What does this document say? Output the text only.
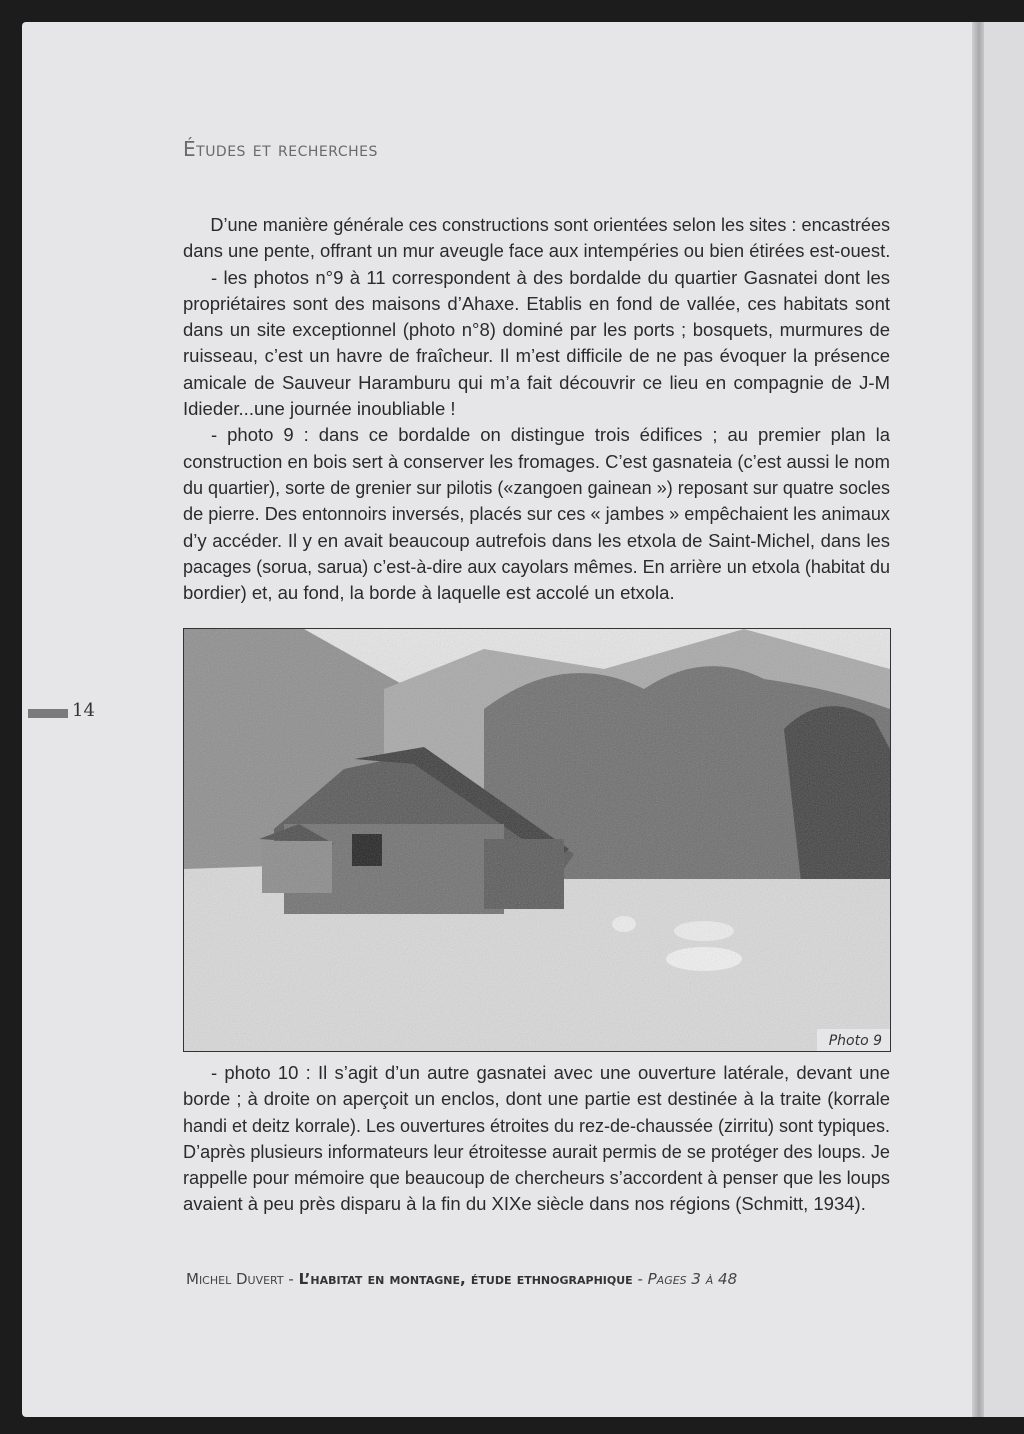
Études et recherches
D’une manière générale ces constructions sont orientées selon les sites : encastrées
dans une pente, offrant un mur aveugle face aux intempéries ou bien étirées est-ouest.
- les photos n°9 à 11 correspondent à des bordalde du quartier Gasnatei dont les
propriétaires sont des maisons d’Ahaxe. Etablis en fond de vallée, ces habitats sont
dans un site exceptionnel (photo n°8) dominé par les ports ; bosquets, murmures de
ruisseau, c’est un havre de fraîcheur. Il m’est difficile de ne pas évoquer la présence
amicale de Sauveur Haramburu qui m’a fait découvrir ce lieu en compagnie de J-M
Idieder...une journée inoubliable !
- photo 9 : dans ce bordalde on distingue trois édifices ; au premier plan la
construction en bois sert à conserver les fromages. C’est gasnateia (c’est aussi le nom
du quartier), sorte de grenier sur pilotis («zangoen gainean ») reposant sur quatre socles
de pierre. Des entonnoirs inversés, placés sur ces « jambes » empêchaient les animaux
d’y accéder. Il y en avait beaucoup autrefois dans les etxola de Saint-Michel, dans les
pacages (sorua, sarua) c’est-à-dire aux cayolars mêmes. En arrière un etxola (habitat du
bordier) et, au fond, la borde à laquelle est accolé un etxola.
Photo 9
- photo 10 : Il s’agit d’un autre gasnatei avec une ouverture latérale, devant une
borde ; à droite on aperçoit un enclos, dont une partie est destinée à la traite (korrale
handi et deitz korrale). Les ouvertures étroites du rez-de-chaussée (zirritu) sont typiques.
D’après plusieurs informateurs leur étroitesse aurait permis de se protéger des loups. Je
rappelle pour mémoire que beaucoup de chercheurs s’accordent à penser que les loups
avaient à peu près disparu à la fin du XIXe siècle dans nos régions (Schmitt, 1934).
14
Michel Duvert - L’habitat en montagne, étude ethnographique - Pages 3 à 48
